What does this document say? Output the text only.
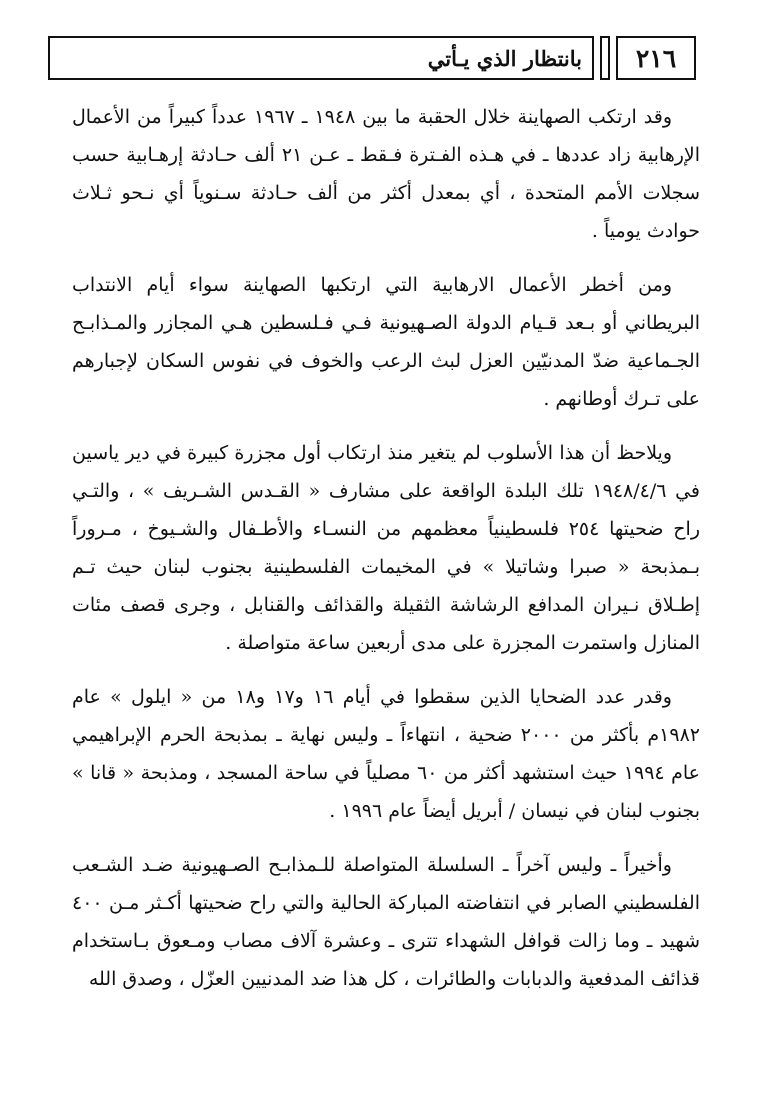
٢١٦
بانتظار الذي يـأتي

وقد ارتكب الصهاينة خلال الحقبة ما بين ١٩٤٨ ـ ١٩٦٧ عدداً كبيراً من الأعمال الإرهابية زاد عددها ـ في هـذه الفـترة فـقط ـ عـن ٢١ ألف حـادثة إرهـابية حسب سجلات الأمم المتحدة ، أي بمعدل أكثر من ألف حـادثة سـنوياً أي نـحو ثـلاث حوادث يومياً .

ومن أخطر الأعمال الارهابية التي ارتكبها الصهاينة سواء أيام الانتداب البريطاني أو بـعد قـيام الدولة الصـهيونية فـي فـلسطين هـي المجازر والمـذابـح الجـماعية ضدّ المدنيّين العزل لبث الرعب والخوف في نفوس السكان لإجبارهم على تـرك أوطانهم .

ويلاحظ أن هذا الأسلوب لم يتغير منذ ارتكاب أول مجزرة كبيرة في دير ياسين في ١٩٤٨/٤/٦ تلك البلدة الواقعة على مشارف « القـدس الشـريف » ، والتـي راح ضحيتها ٢٥٤ فلسطينياً معظمهم من النسـاء والأطـفال والشـيوخ ، مـروراً بـمذبحة « صبرا وشاتيلا » في المخيمات الفلسطينية بجنوب لبنان حيث تـم إطـلاق نـيران المدافع الرشاشة الثقيلة والقذائف والقنابل ، وجرى قصف مئات المنازل واستمرت المجزرة على مدى أربعين ساعة متواصلة .

وقدر عدد الضحايا الذين سقطوا في أيام ١٦ و١٧ و١٨ من « ايلول » عام ١٩٨٢م بأكثر من ٢٠٠٠ ضحية ، انتهاءاً ـ وليس نهاية ـ بمذبحة الحرم الإبراهيمي عام ١٩٩٤ حيث استشهد أكثر من ٦٠ مصلياً في ساحة المسجد ، ومذبحة « قانا » بجنوب لبنان في نيسان / أبريل أيضاً عام ١٩٩٦ .

وأخيراً ـ وليس آخراً ـ السلسلة المتواصلة للـمذابـح الصـهيونية ضـد الشـعب الفلسطيني الصابر في انتفاضته المباركة الحالية والتي راح ضحيتها أكـثر مـن ٤٠٠ شهيد ـ وما زالت قوافل الشهداء تترى ـ وعشرة آلاف مصاب ومـعوق بـاستخدام قذائف المدفعية والدبابات والطائرات ، كل هذا ضد المدنيين العزّل ، وصدق الله
